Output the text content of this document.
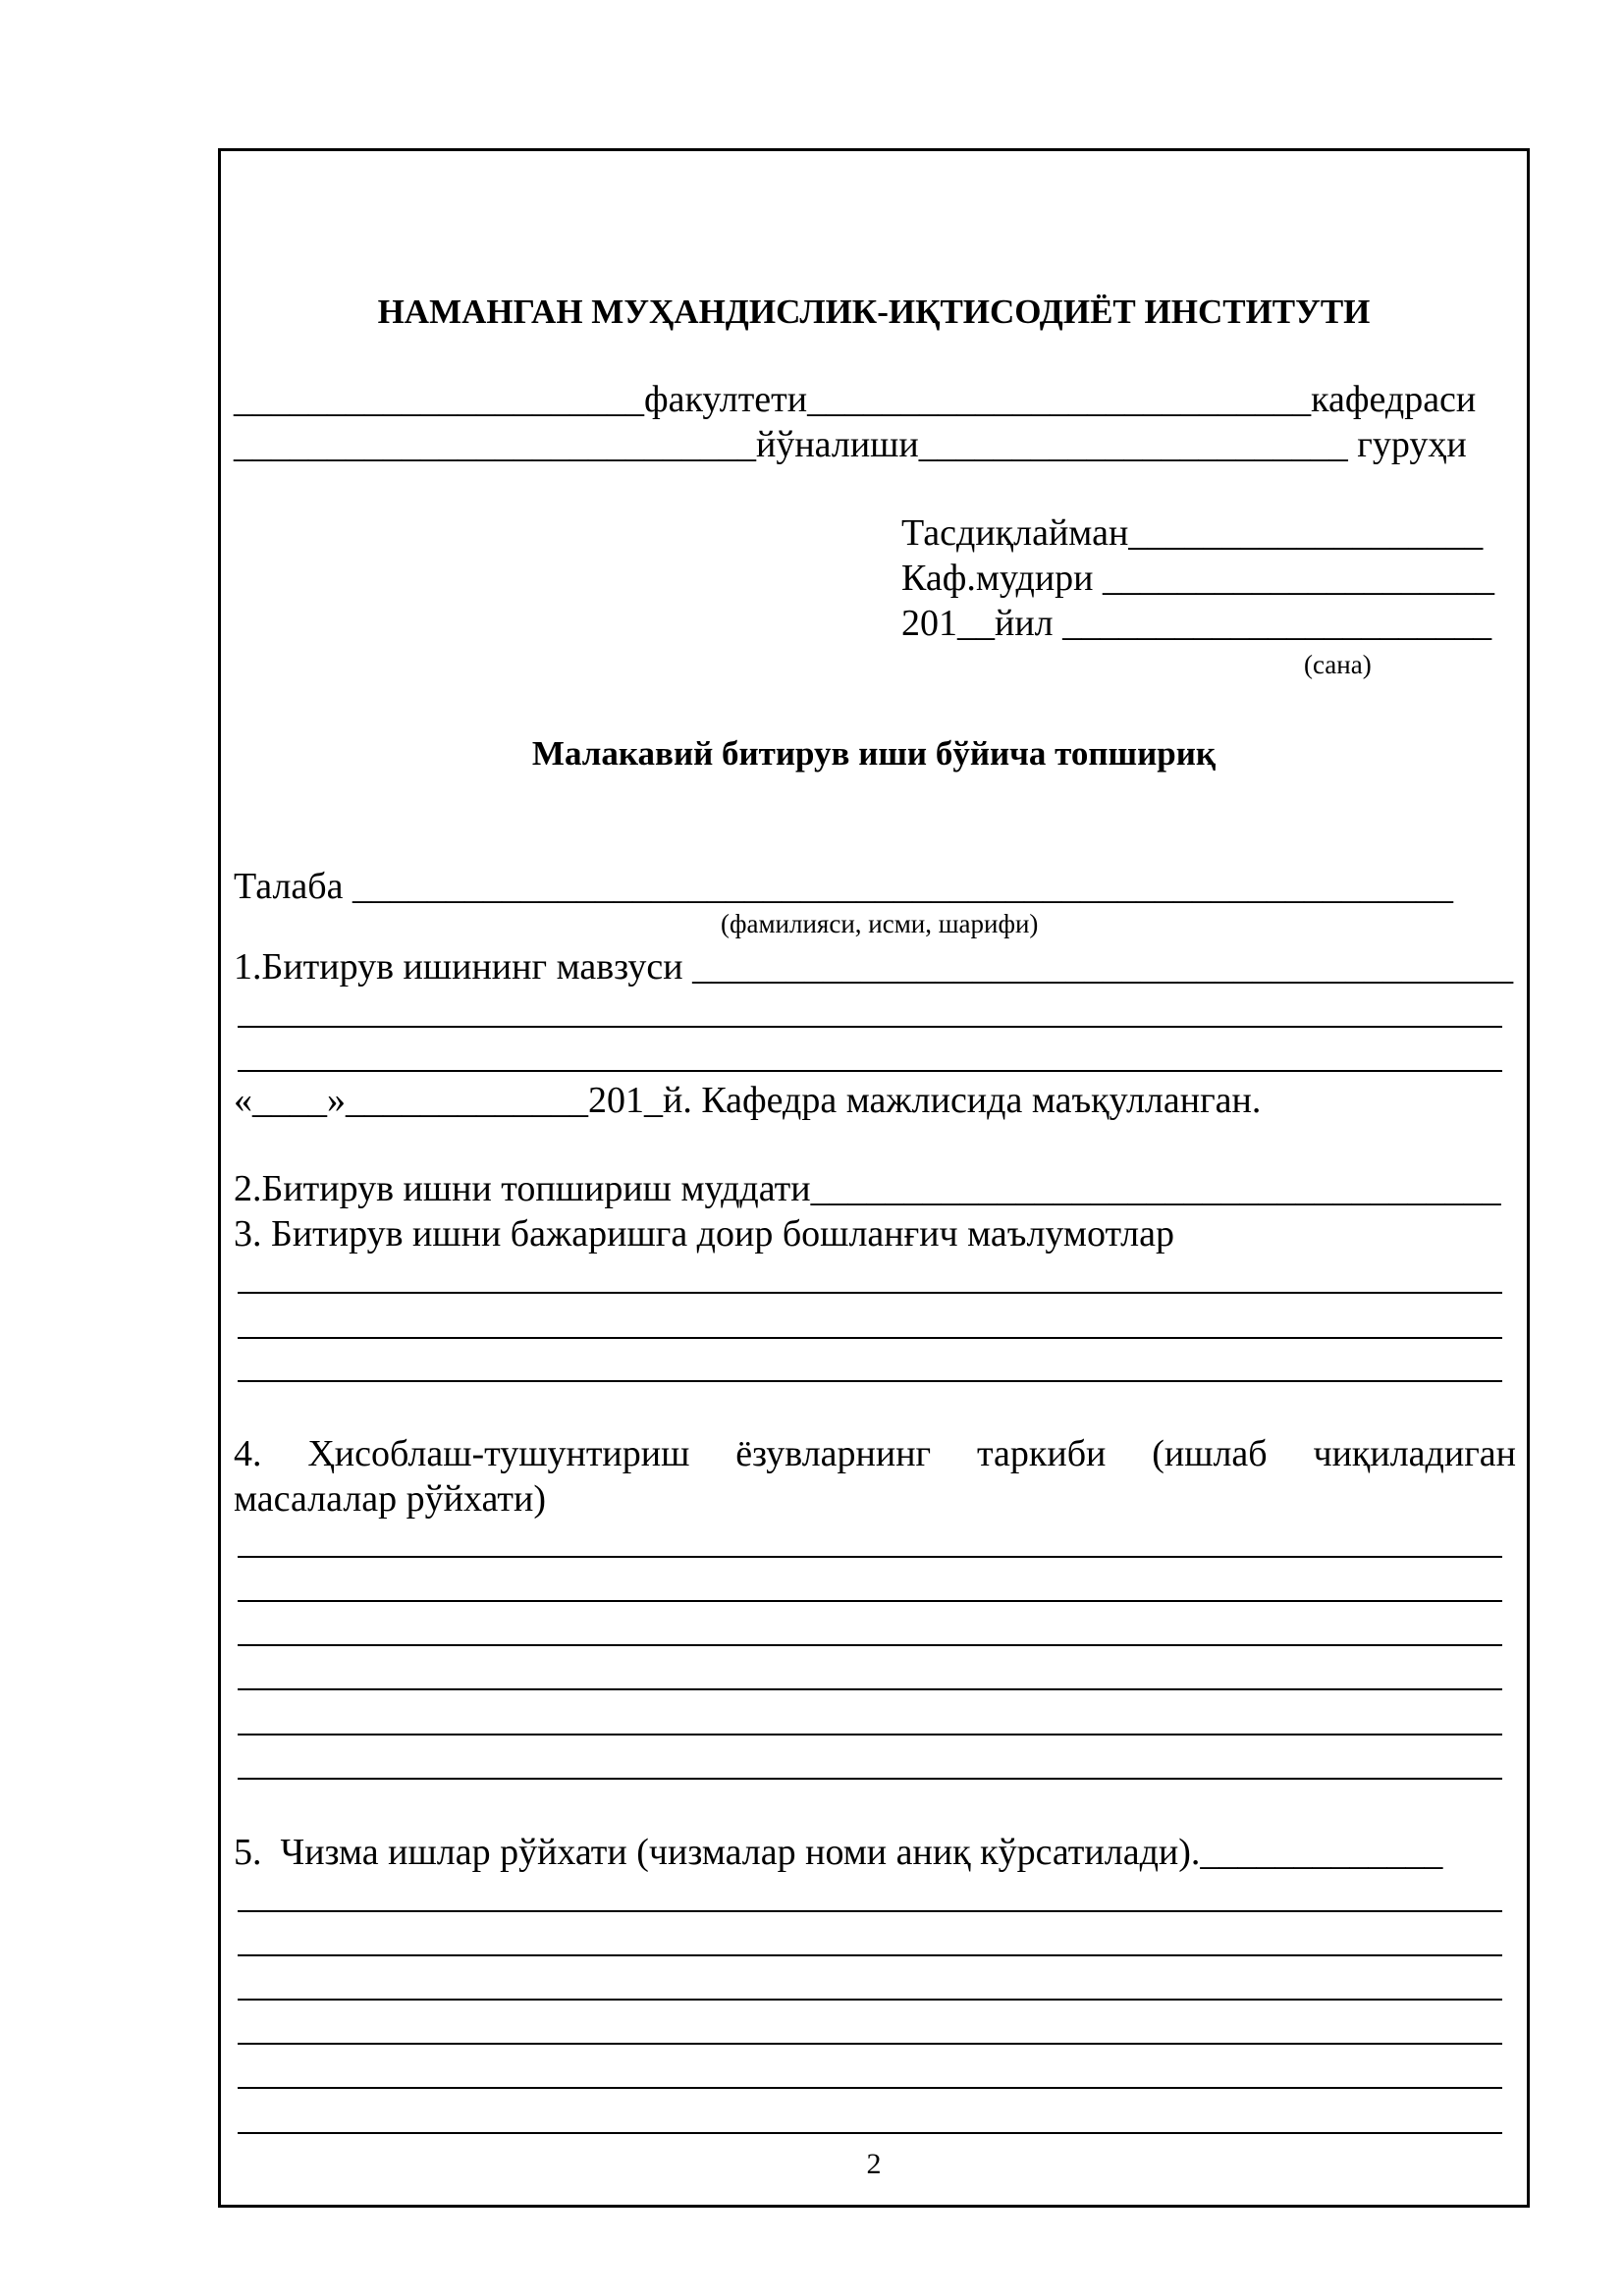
НАМАНГАН МУҲАНДИСЛИК-ИҚТИСОДИЁТ ИНСТИТУТИ
______________________факултети___________________________кафедраси
____________________________йўналиши_______________________ гуруҳи
Тасдиқлайман___________________
Каф.мудири _____________________
201__йил _______________________
(сана)
Малакавий битирув иши бўйича топшириқ
Талаба ___________________________________________________________
(фамилияси, исми, шарифи)
1.Битирув ишининг мавзуси ____________________________________________
«____»_____________201_й. Кафедра мажлисида маъқулланган.
2.Битирув ишни топшириш муддати_____________________________________
3. Битирув ишни бажаришга доир бошланғич маълумотлар
4. Ҳисоблаш-тушунтириш ёзувларнинг таркиби (ишлаб чиқиладиган
масалалар рўйхати)
5.  Чизма ишлар рўйхати (чизмалар номи аниқ кўрсатилади)._____________
2
